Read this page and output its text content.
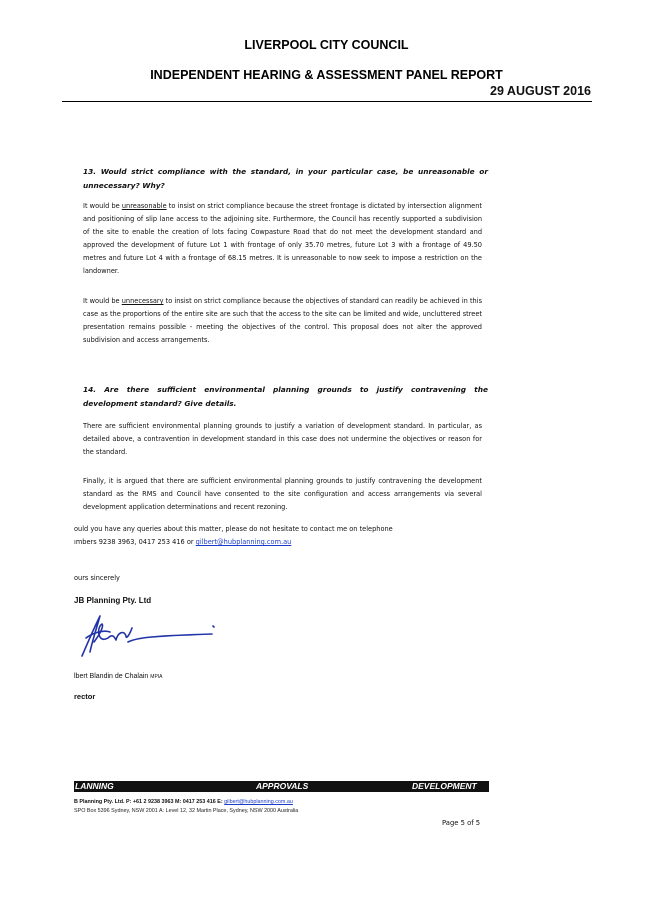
LIVERPOOL CITY COUNCIL
INDEPENDENT HEARING & ASSESSMENT PANEL REPORT
29 AUGUST 2016
13. Would strict compliance with the standard, in your particular case, be unreasonable or unnecessary? Why?
It would be unreasonable to insist on strict compliance because the street frontage is dictated by intersection alignment and positioning of slip lane access to the adjoining site. Furthermore, the Council has recently supported a subdivision of the site to enable the creation of lots facing Cowpasture Road that do not meet the development standard and approved the development of future Lot 1 with frontage of only 35.70 metres, future Lot 3 with a frontage of 49.50 metres and future Lot 4 with a frontage of 68.15 metres. It is unreasonable to now seek to impose a restriction on the landowner.
It would be unnecessary to insist on strict compliance because the objectives of standard can readily be achieved in this case as the proportions of the entire site are such that the access to the site can be limited and wide, uncluttered street presentation remains possible - meeting the objectives of the control. This proposal does not alter the approved subdivision and access arrangements.
14. Are there sufficient environmental planning grounds to justify contravening the development standard? Give details.
There are sufficient environmental planning grounds to justify a variation of development standard. In particular, as detailed above, a contravention in development standard in this case does not undermine the objectives or reason for the standard.
Finally, it is argued that there are sufficient environmental planning grounds to justify contravening the development standard as the RMS and Council have consented to the site configuration and access arrangements via several development application determinations and recent rezoning.
ould you have any queries about this matter, please do not hesitate to contact me on telephone
ımbers 9238 3963, 0417 253 416 or gilbert@hubplanning.com.au
ours sincerely
JB Planning Pty. Ltd
lbert Blandin de Chalain MPIA
rector
LANNING	APPROVALS	DEVELOPMENT
B Planning Pty. Ltd. P: +61 2 9238 3963 M: 0417 253 416 E: gilbert@hubplanning.com.au
SPO Box 5396 Sydney, NSW 2001 A: Level 12, 32 Martin Place, Sydney, NSW 2000 Australia
Page 5 of 5
